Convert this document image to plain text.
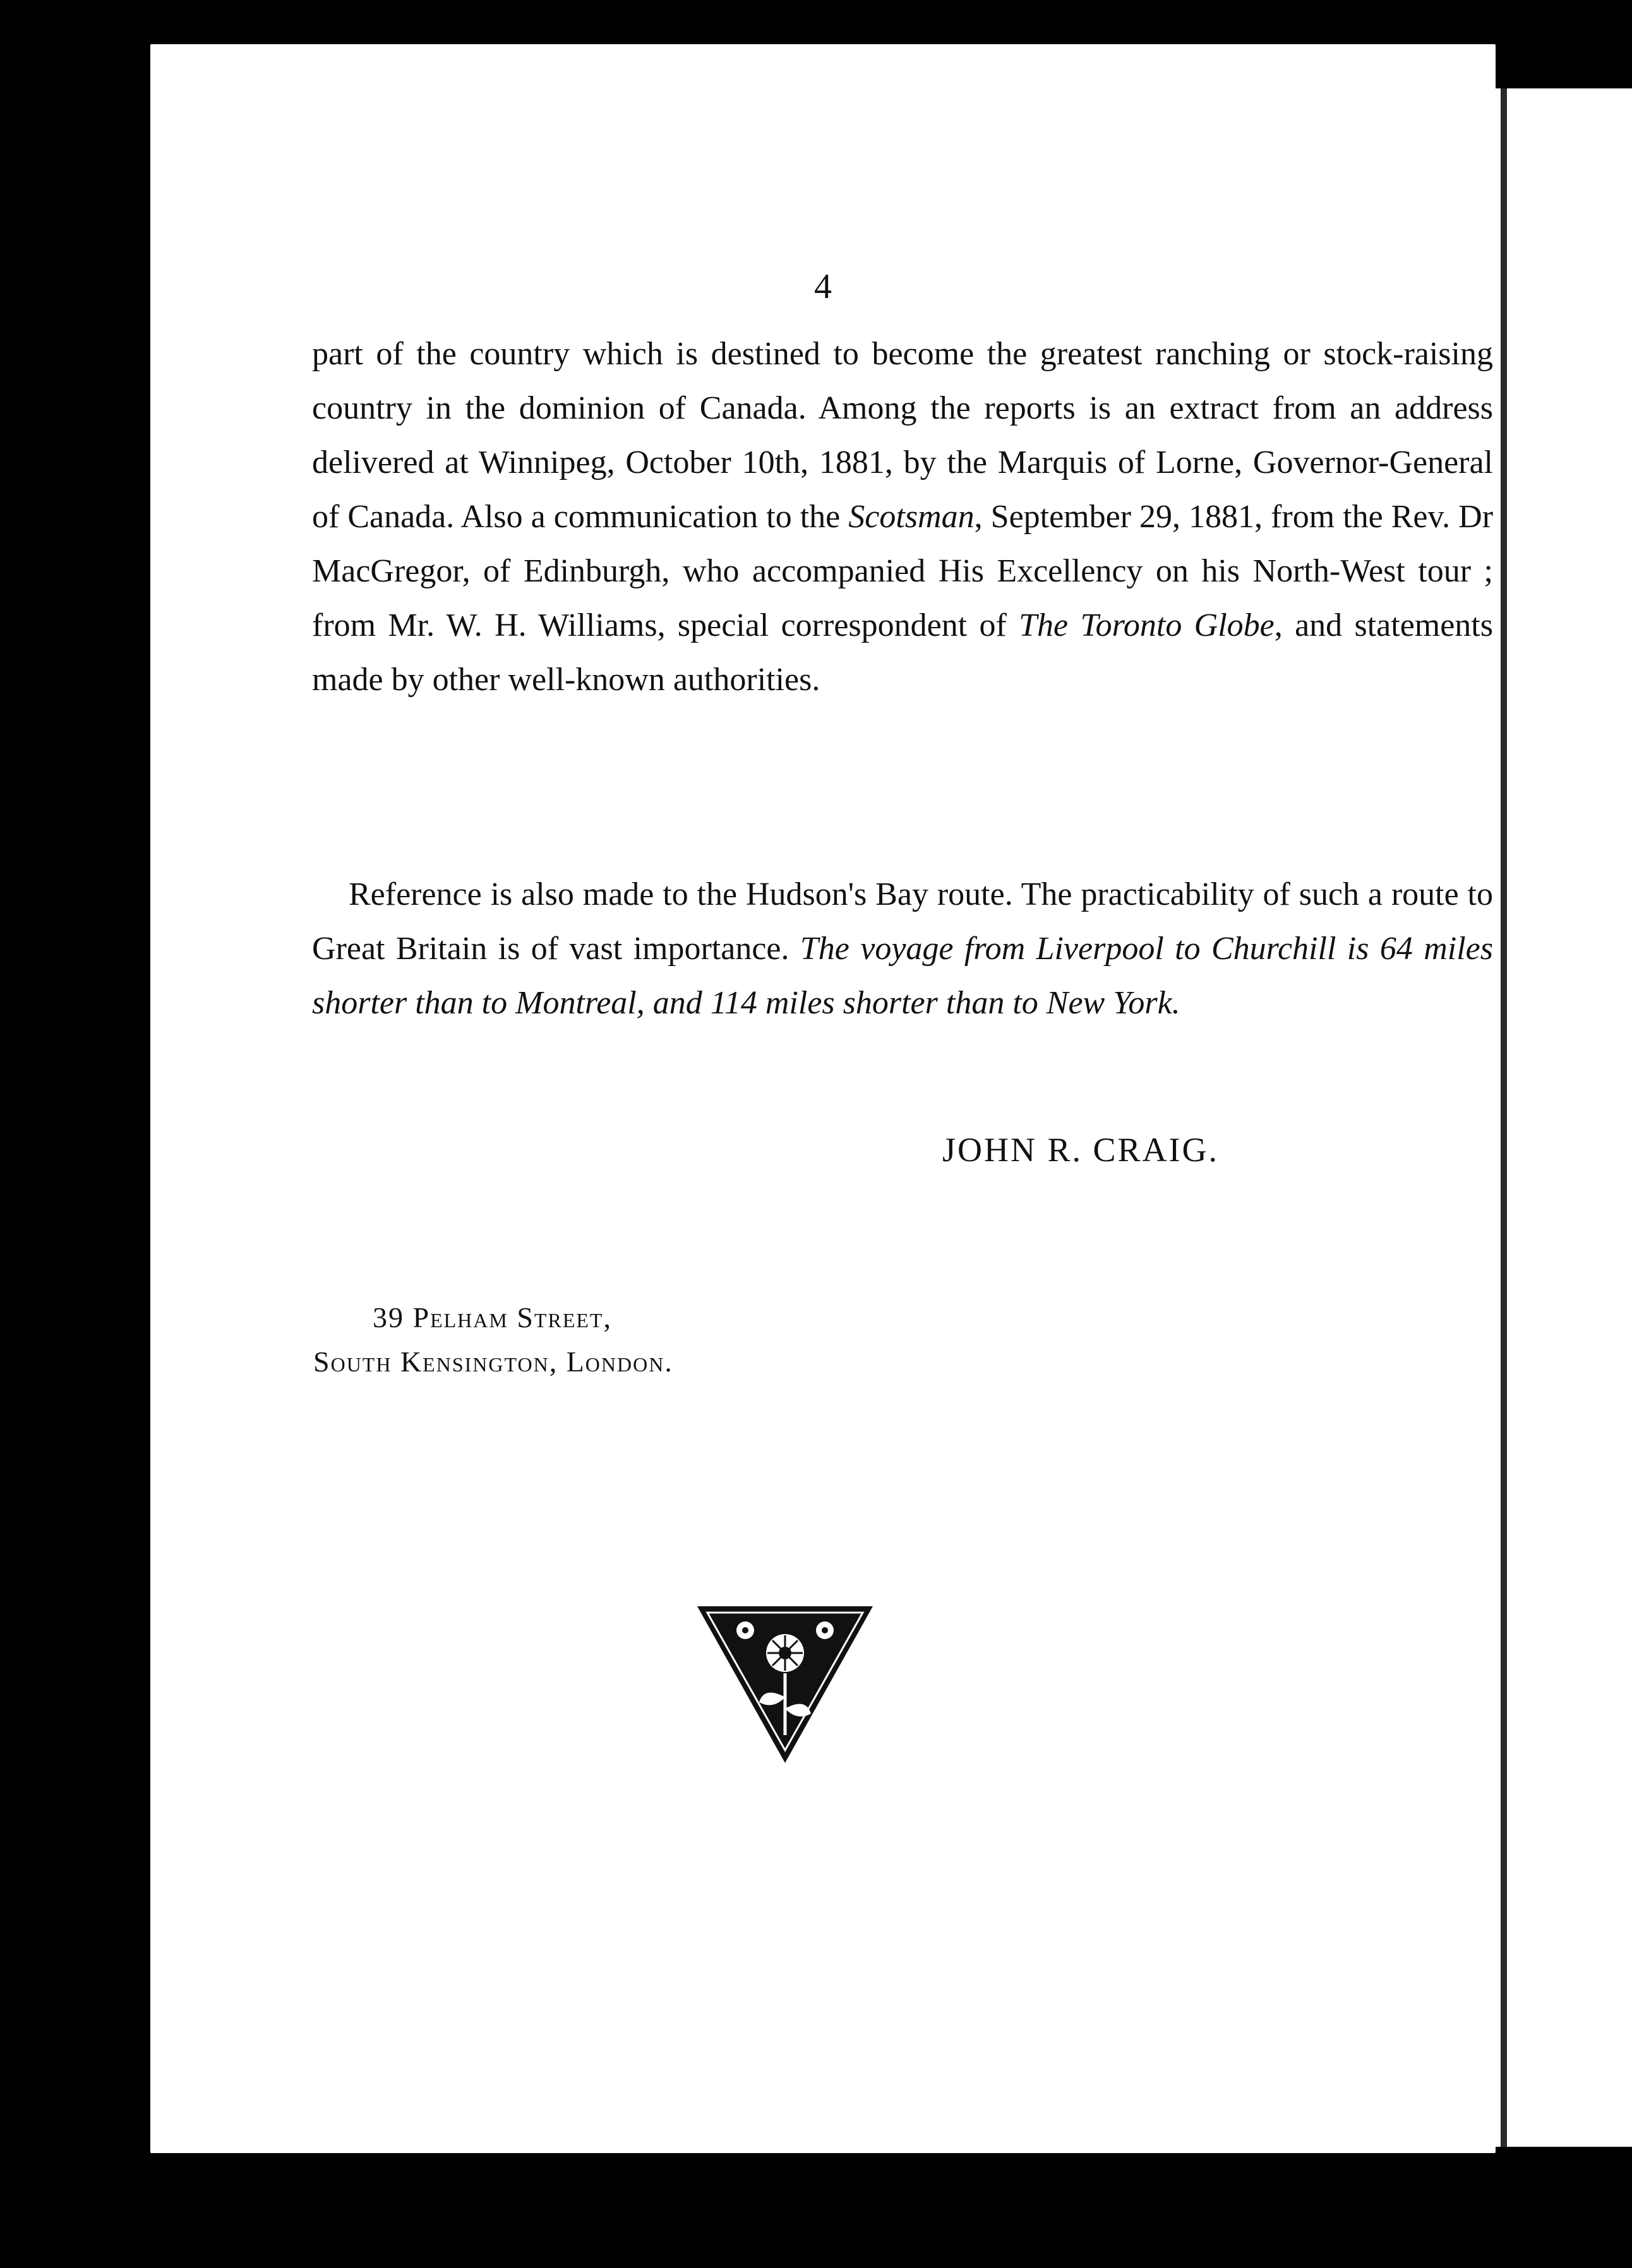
4

part of the country which is destined to become the greatest ranching or stock-raising country in the dominion of Canada. Among the reports is an extract from an address delivered at Winnipeg, October 10th, 1881, by the Marquis of Lorne, Governor-General of Canada. Also a communication to the Scotsman, September 29, 1881, from the Rev. Dr MacGregor, of Edinburgh, who accompanied His Excellency on his North-West tour ; from Mr. W. H. Williams, special correspondent of The Toronto Globe, and statements made by other well-known authorities.

Reference is also made to the Hudson's Bay route. The practicability of such a route to Great Britain is of vast importance. The voyage from Liverpool to Churchill is 64 miles shorter than to Montreal, and 114 miles shorter than to New York.

JOHN R. CRAIG.
39 Pelham Street,
South Kensington, London.
